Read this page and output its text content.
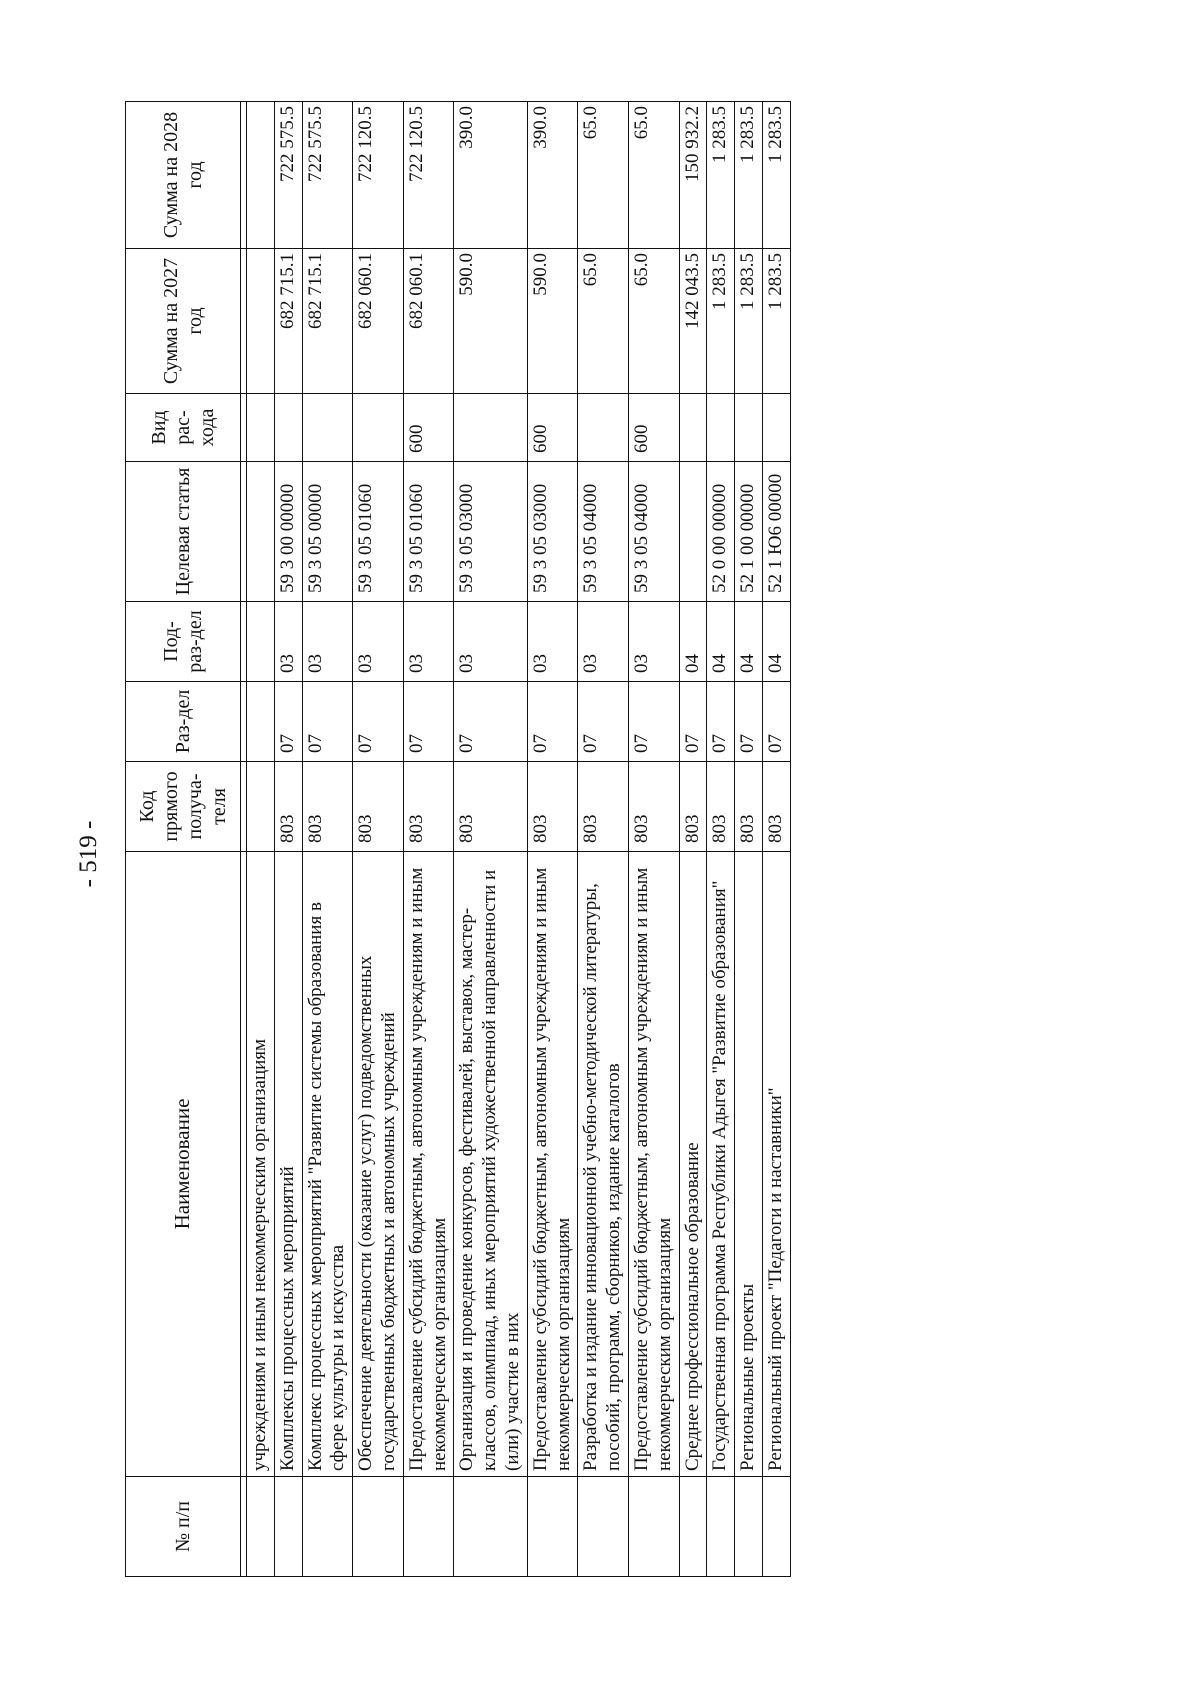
- 519 -
№ п/п	Наименование	Код прямого получа-теля	Раз-дел	Под-раз-дел	Целевая статья	Вид рас-хода	Сумма на 2027 год	Сумма на 2028 год

	учреждениям и иным некоммерческим организациям							
	Комплексы процессных мероприятий	803	07	03	59 3 00 00000		682 715.1	722 575.5
	Комплекс процессных мероприятий "Развитие системы образования в сфере культуры и искусства	803	07	03	59 3 05 00000		682 715.1	722 575.5
	Обеспечение деятельности (оказание услуг) подведомственных государственных бюджетных и автономных учреждений	803	07	03	59 3 05 01060		682 060.1	722 120.5
	Предоставление субсидий бюджетным, автономным учреждениям и иным некоммерческим организациям	803	07	03	59 3 05 01060	600	682 060.1	722 120.5
	Организация и проведение конкурсов, фестивалей, выставок, мастер-классов, олимпиад, иных мероприятий художественной направленности и (или) участие в них	803	07	03	59 3 05 03000		590.0	390.0
	Предоставление субсидий бюджетным, автономным учреждениям и иным некоммерческим организациям	803	07	03	59 3 05 03000	600	590.0	390.0
	Разработка и издание инновационной учебно-методической литературы, пособий, программ, сборников, издание каталогов	803	07	03	59 3 05 04000		65.0	65.0
	Предоставление субсидий бюджетным, автономным учреждениям и иным некоммерческим организациям	803	07	03	59 3 05 04000	600	65.0	65.0
	Среднее профессиональное образование	803	07	04			142 043.5	150 932.2
	Государственная программа Республики Адыгея "Развитие образования"	803	07	04	52 0 00 00000		1 283.5	1 283.5
	Региональные проекты	803	07	04	52 1 00 00000		1 283.5	1 283.5
	Региональный проект "Педагоги и наставники"	803	07	04	52 1 Ю6 00000		1 283.5	1 283.5
